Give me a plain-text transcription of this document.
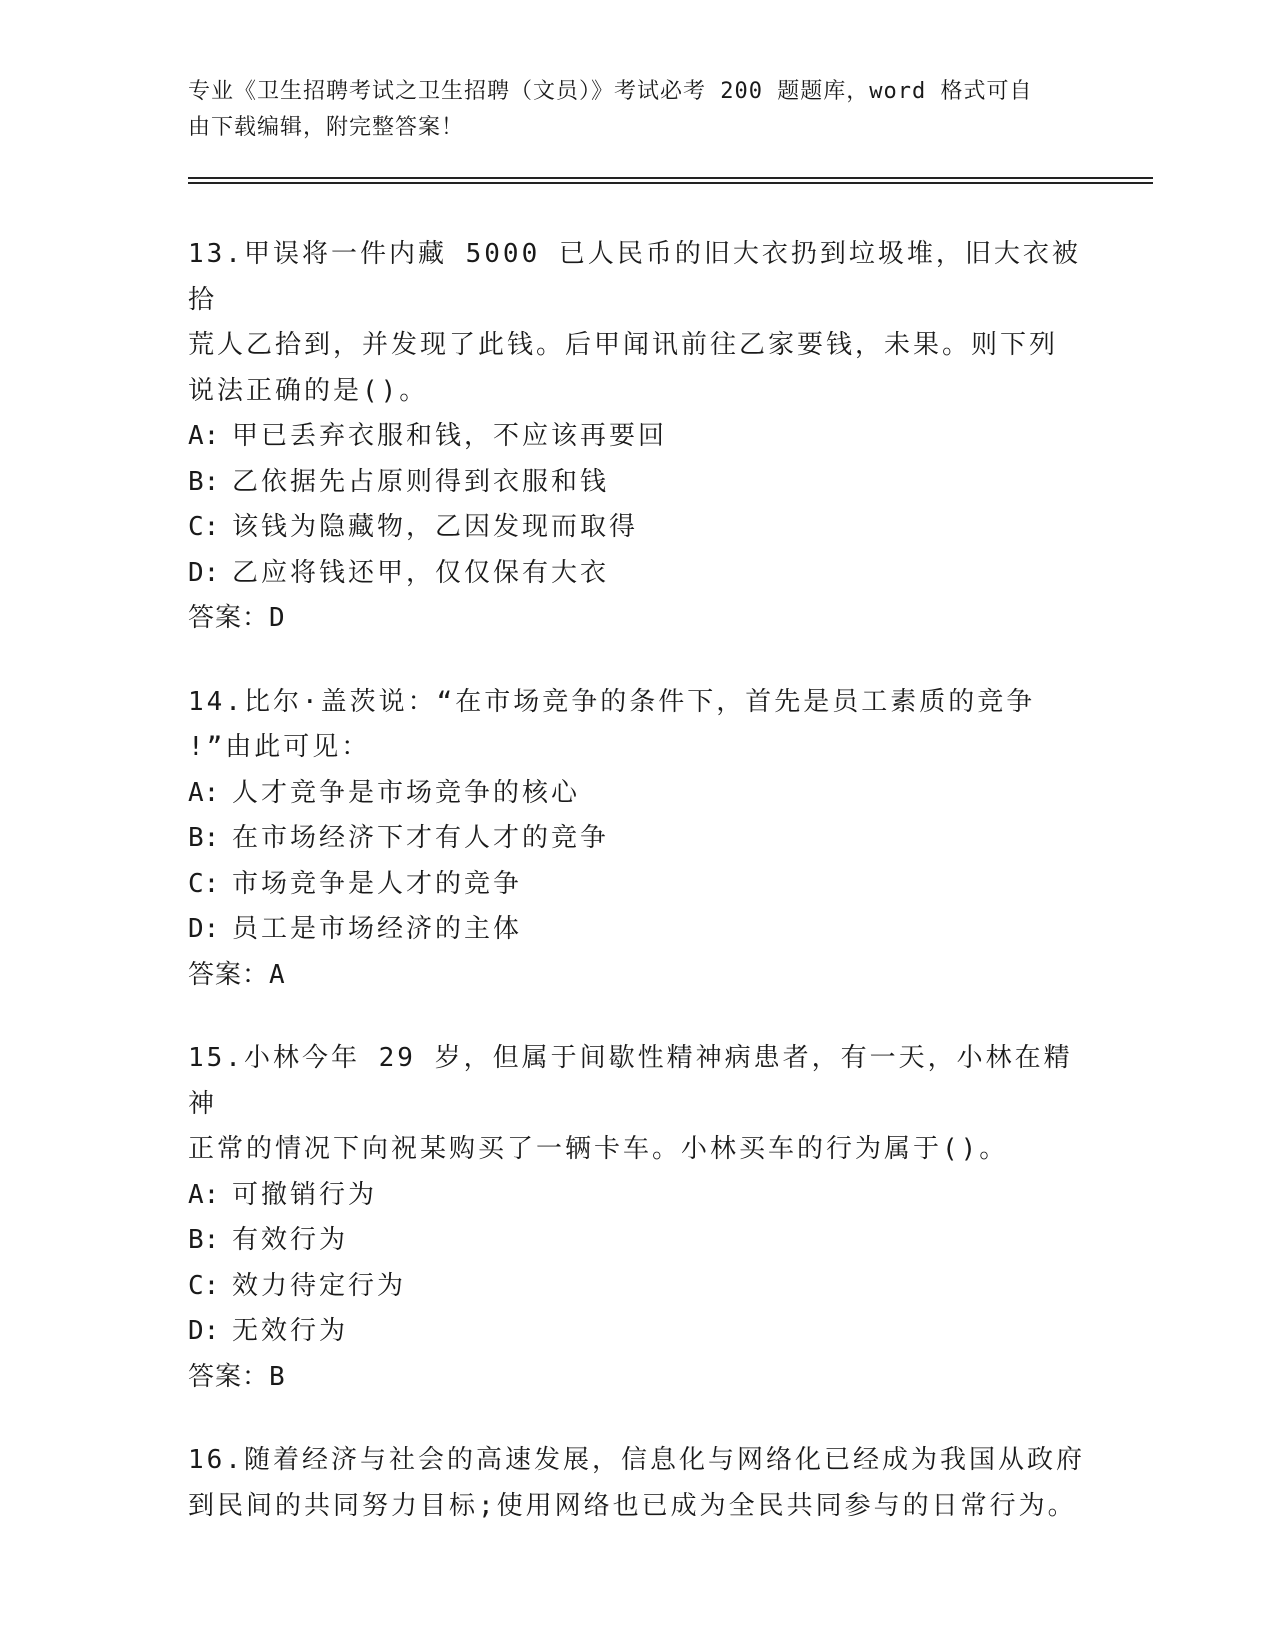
专业《卫生招聘考试之卫生招聘（文员）》考试必考 200 题题库，word 格式可自
由下载编辑，附完整答案！

13.甲误将一件内藏 5000 已人民币的旧大衣扔到垃圾堆，旧大衣被拾

荒人乙拾到，并发现了此钱。后甲闻讯前往乙家要钱，未果。则下列

说法正确的是()。

A: 甲已丢弃衣服和钱，不应该再要回

B: 乙依据先占原则得到衣服和钱

C: 该钱为隐藏物，乙因发现而取得

D: 乙应将钱还甲，仅仅保有大衣

答案：D

14.比尔·盖茨说：“在市场竞争的条件下，首先是员工素质的竞争

!”由此可见：

A: 人才竞争是市场竞争的核心

B: 在市场经济下才有人才的竞争

C: 市场竞争是人才的竞争

D: 员工是市场经济的主体

答案：A

15.小林今年 29 岁，但属于间歇性精神病患者，有一天，小林在精神

正常的情况下向祝某购买了一辆卡车。小林买车的行为属于()。

A: 可撤销行为

B: 有效行为

C: 效力待定行为

D: 无效行为

答案：B

16.随着经济与社会的高速发展，信息化与网络化已经成为我国从政府

到民间的共同努力目标;使用网络也已成为全民共同参与的日常行为。
